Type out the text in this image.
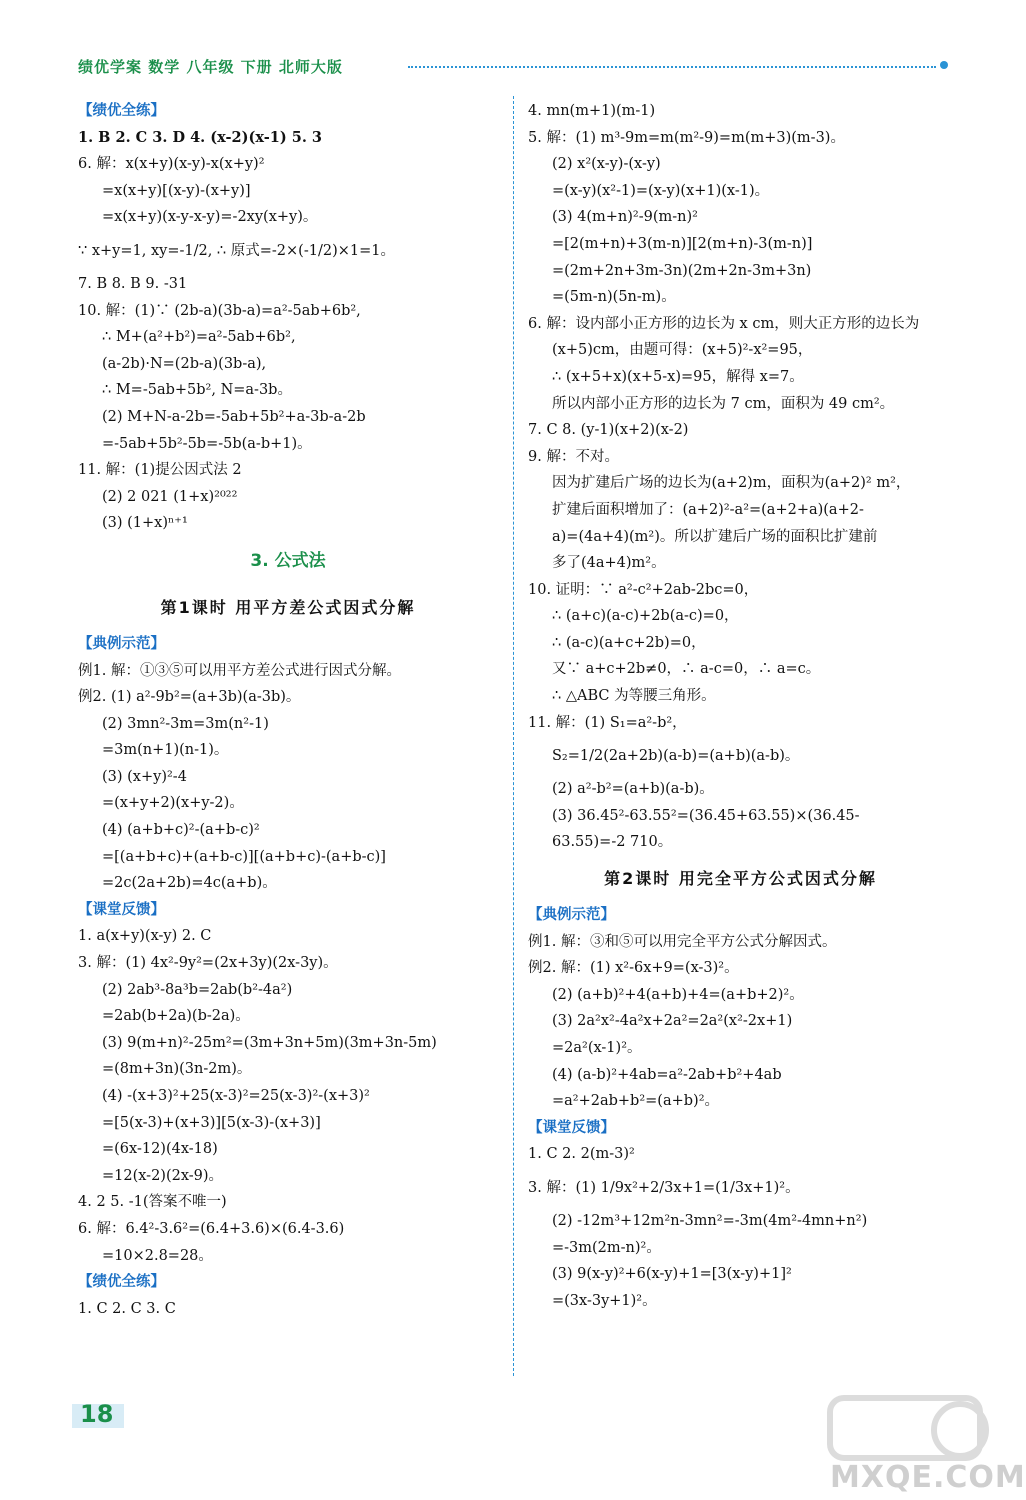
绩优学案 数学 八年级 下册 北师大版
【绩优全练】
1. B 2. C 3. D 4. (x-2)(x-1) 5. 3
6. 解：x(x+y)(x-y)-x(x+y)²
=x(x+y)[(x-y)-(x+y)]
=x(x+y)(x-y-x-y)=-2xy(x+y)。
∵ x+y=1, xy=-1/2, ∴ 原式=-2×(-1/2)×1=1。
7. B 8. B 9. -31
10. 解：(1)∵ (2b-a)(3b-a)=a²-5ab+6b²,
∴ M+(a²+b²)=a²-5ab+6b²,
(a-2b)·N=(2b-a)(3b-a),
∴ M=-5ab+5b², N=a-3b。
(2) M+N-a-2b=-5ab+5b²+a-3b-a-2b
=-5ab+5b²-5b=-5b(a-b+1)。
11. 解：(1)提公因式法 2
(2) 2 021 (1+x)²⁰²²
(3) (1+x)ⁿ⁺¹
3. 公式法
第1课时 用平方差公式因式分解
【典例示范】
例1. 解：①③⑤可以用平方差公式进行因式分解。
例2. (1) a²-9b²=(a+3b)(a-3b)。
(2) 3mn²-3m=3m(n²-1)
=3m(n+1)(n-1)。
(3) (x+y)²-4
=(x+y+2)(x+y-2)。
(4) (a+b+c)²-(a+b-c)²
=[(a+b+c)+(a+b-c)][(a+b+c)-(a+b-c)]
=2c(2a+2b)=4c(a+b)。
【课堂反馈】
1. a(x+y)(x-y) 2. C
3. 解：(1) 4x²-9y²=(2x+3y)(2x-3y)。
(2) 2ab³-8a³b=2ab(b²-4a²)
=2ab(b+2a)(b-2a)。
(3) 9(m+n)²-25m²=(3m+3n+5m)(3m+3n-5m)
=(8m+3n)(3n-2m)。
(4) -(x+3)²+25(x-3)²=25(x-3)²-(x+3)²
=[5(x-3)+(x+3)][5(x-3)-(x+3)]
=(6x-12)(4x-18)
=12(x-2)(2x-9)。
4. 2 5. -1(答案不唯一)
6. 解：6.4²-3.6²=(6.4+3.6)×(6.4-3.6)
=10×2.8=28。
【绩优全练】
1. C 2. C 3. C
4. mn(m+1)(m-1)
5. 解：(1) m³-9m=m(m²-9)=m(m+3)(m-3)。
(2) x²(x-y)-(x-y)
=(x-y)(x²-1)=(x-y)(x+1)(x-1)。
(3) 4(m+n)²-9(m-n)²
=[2(m+n)+3(m-n)][2(m+n)-3(m-n)]
=(2m+2n+3m-3n)(2m+2n-3m+3n)
=(5m-n)(5n-m)。
6. 解：设内部小正方形的边长为 x cm，则大正方形的边长为
(x+5)cm，由题可得：(x+5)²-x²=95，
∴ (x+5+x)(x+5-x)=95，解得 x=7。
所以内部小正方形的边长为 7 cm，面积为 49 cm²。
7. C 8. (y-1)(x+2)(x-2)
9. 解：不对。
因为扩建后广场的边长为(a+2)m，面积为(a+2)² m²，
扩建后面积增加了：(a+2)²-a²=(a+2+a)(a+2-
a)=(4a+4)(m²)。所以扩建后广场的面积比扩建前
多了(4a+4)m²。
10. 证明：∵ a²-c²+2ab-2bc=0，
∴ (a+c)(a-c)+2b(a-c)=0，
∴ (a-c)(a+c+2b)=0，
又∵ a+c+2b≠0，∴ a-c=0，∴ a=c。
∴ △ABC 为等腰三角形。
11. 解：(1) S₁=a²-b²，
S₂=1/2(2a+2b)(a-b)=(a+b)(a-b)。
(2) a²-b²=(a+b)(a-b)。
(3) 36.45²-63.55²=(36.45+63.55)×(36.45-
63.55)=-2 710。
第2课时 用完全平方公式因式分解
【典例示范】
例1. 解：③和⑤可以用完全平方公式分解因式。
例2. 解：(1) x²-6x+9=(x-3)²。
(2) (a+b)²+4(a+b)+4=(a+b+2)²。
(3) 2a²x²-4a²x+2a²=2a²(x²-2x+1)
=2a²(x-1)²。
(4) (a-b)²+4ab=a²-2ab+b²+4ab
=a²+2ab+b²=(a+b)²。
【课堂反馈】
1. C 2. 2(m-3)²
3. 解：(1) 1/9x²+2/3x+1=(1/3x+1)²。
(2) -12m³+12m²n-3mn²=-3m(4m²-4mn+n²)
=-3m(2m-n)²。
(3) 9(x-y)²+6(x-y)+1=[3(x-y)+1]²
=(3x-3y+1)²。
18
MXQE.COM
